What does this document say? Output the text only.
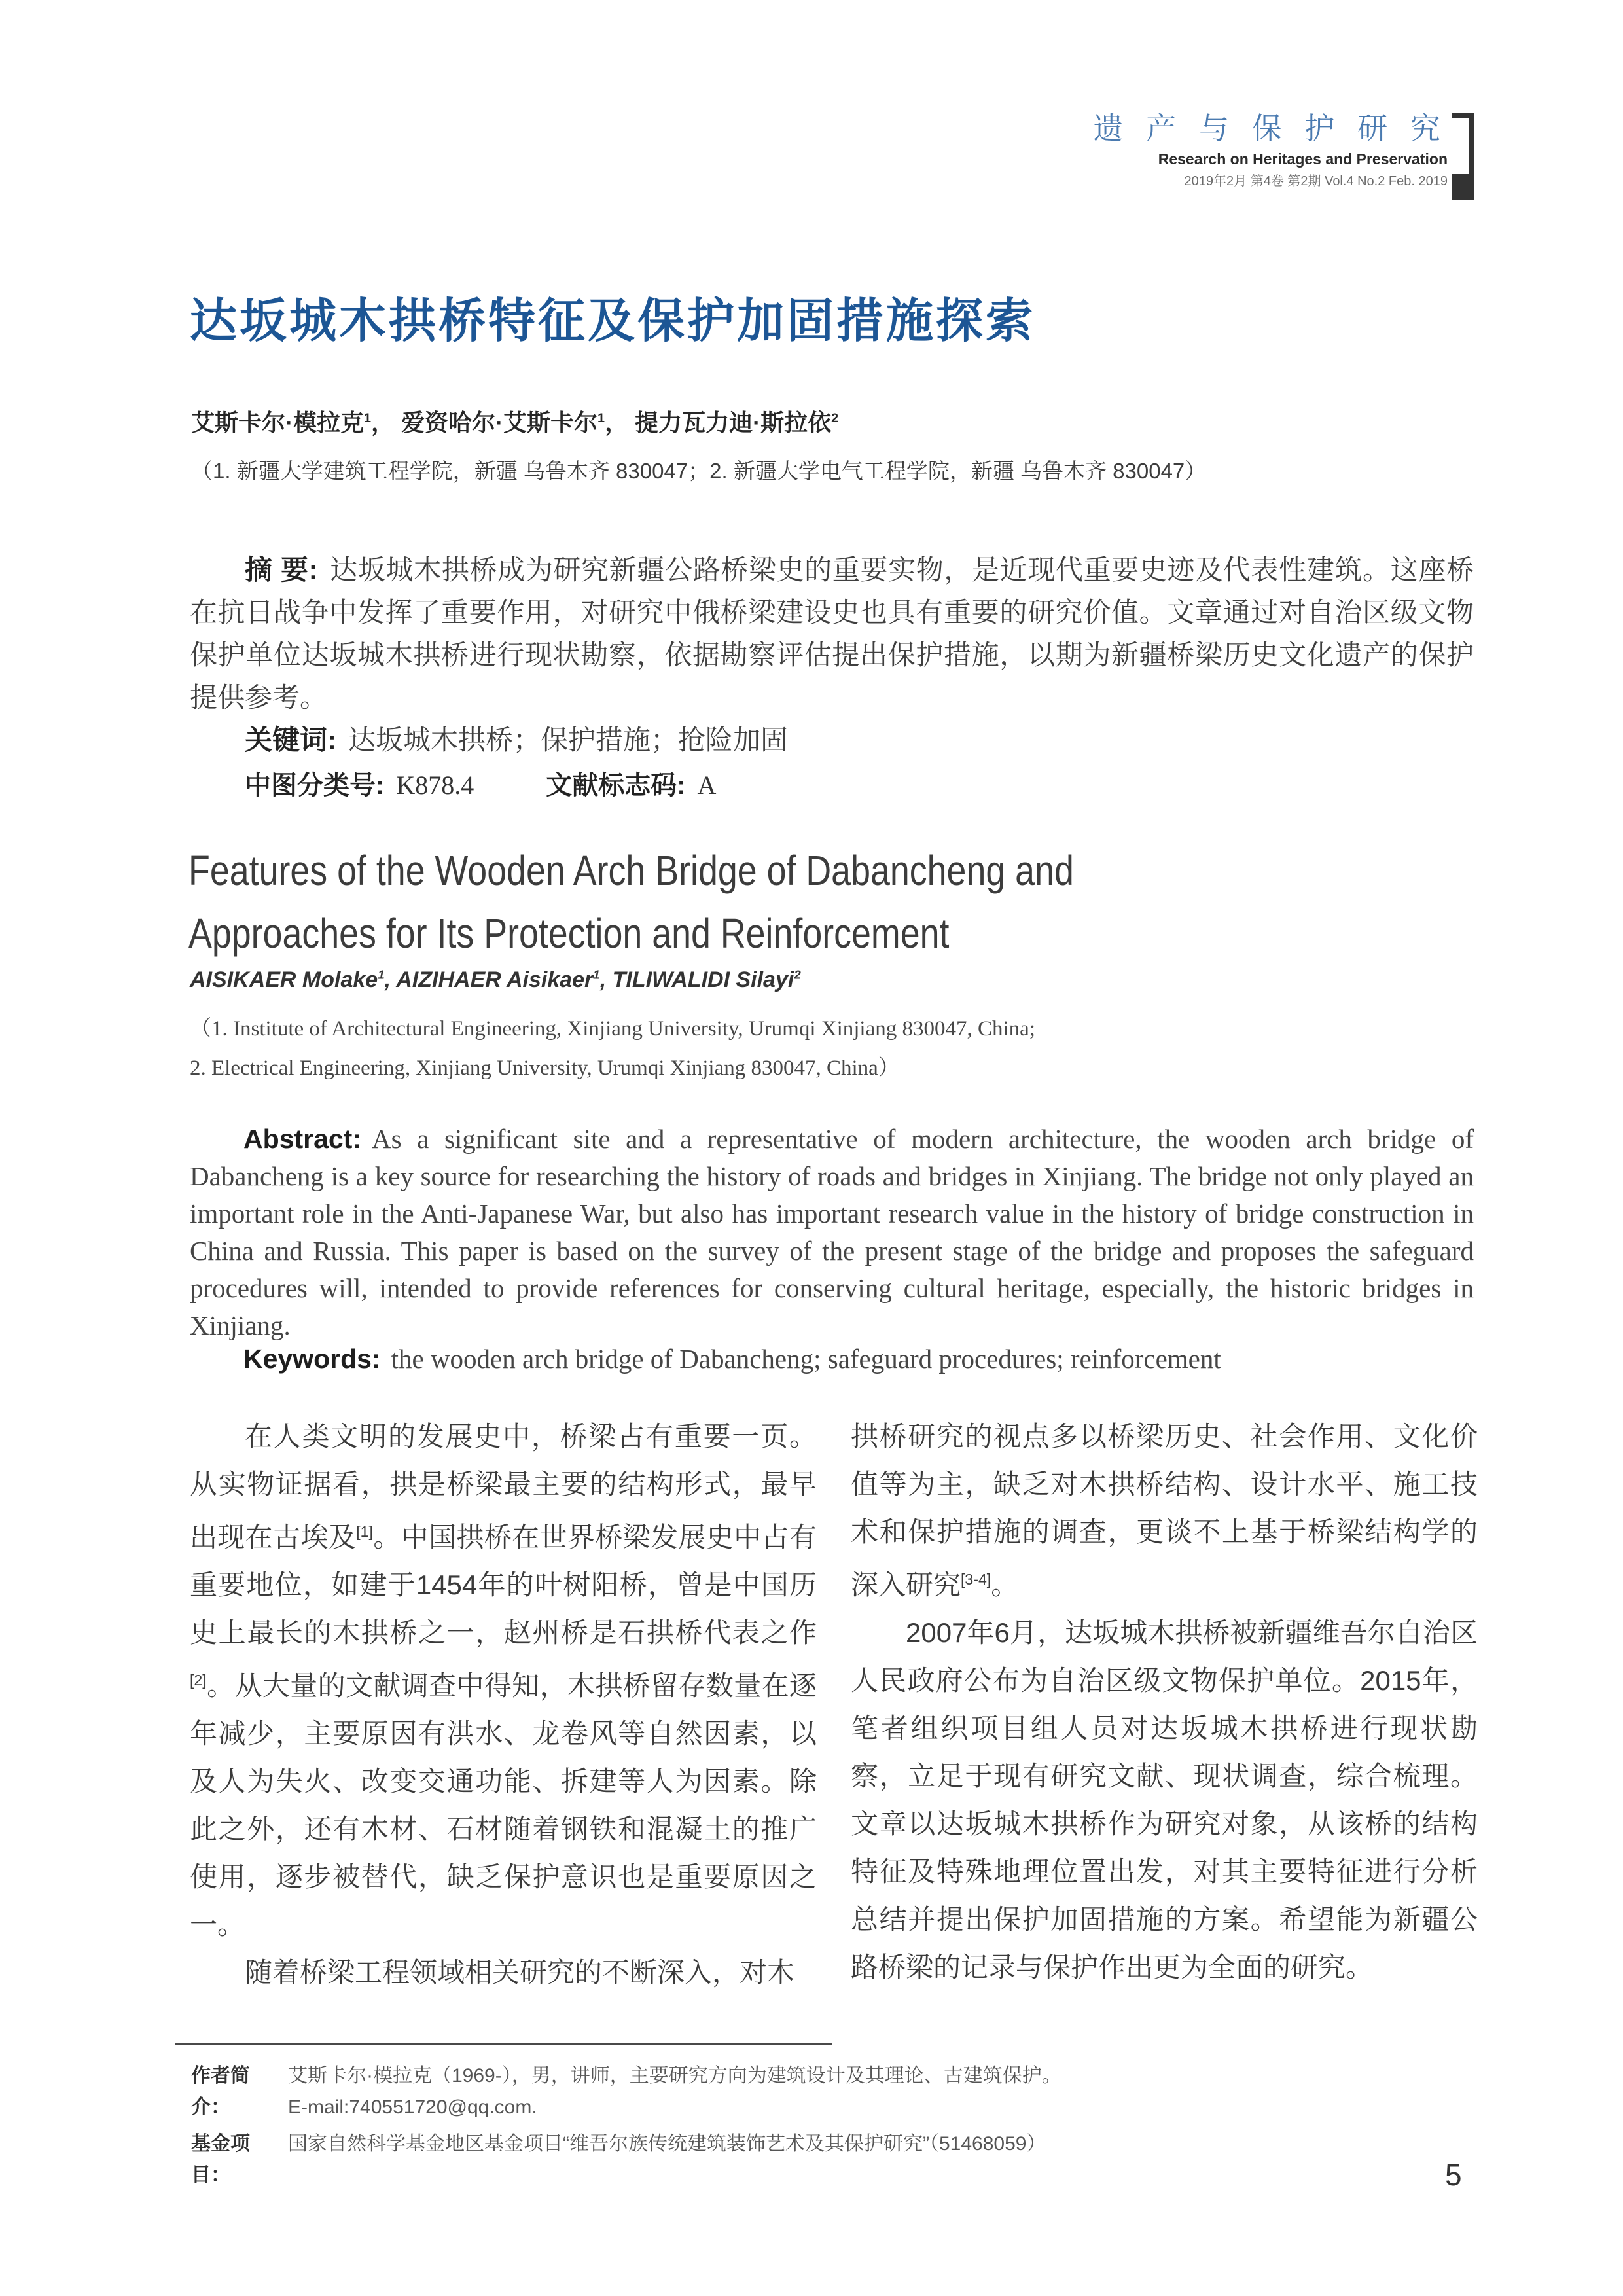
遗 产 与 保 护 研 究
Research on Heritages and Preservation
2019年2月 第4卷 第2期 Vol.4 No.2 Feb. 2019
达坂城木拱桥特征及保护加固措施探索
艾斯卡尔·模拉克$^1$， 爱资哈尔·艾斯卡尔$^1$， 提力瓦力迪·斯拉依$^2$
（1. 新疆大学建筑工程学院，新疆 乌鲁木齐 830047；2. 新疆大学电气工程学院，新疆 乌鲁木齐 830047）

摘 要: 达坂城木拱桥成为研究新疆公路桥梁史的重要实物，是近现代重要史迹及代表性建筑。这座桥在抗日战争中发挥了重要作用，对研究中俄桥梁建设史也具有重要的研究价值。文章通过对自治区级文物保护单位达坂城木拱桥进行现状勘察，依据勘察评估提出保护措施，以期为新疆桥梁历史文化遗产的保护提供参考。

关键词: 达坂城木拱桥；保护措施；抢险加固
中图分类号: K878.4	文献标志码: A
Features of the Wooden Arch Bridge of Dabancheng and
Approaches for Its Protection and Reinforcement
AISIKAER Molake$^1$, AIZIHAER Aisikaer$^1$, TILIWALIDI Silayi$^2$
（1. Institute of Architectural Engineering, Xinjiang University, Urumqi Xinjiang 830047, China;
2. Electrical Engineering, Xinjiang University, Urumqi Xinjiang 830047, China）

Abstract: As a significant site and a representative of modern architecture, the wooden arch bridge of Dabancheng is a key source for researching the history of roads and bridges in Xinjiang. The bridge not only played an important role in the Anti-Japanese War, but also has important research value in the history of bridge construction in China and Russia. This paper is based on the survey of the present stage of the bridge and proposes the safeguard procedures will, intended to provide references for conserving cultural heritage, especially, the historic bridges in Xinjiang.

Keywords: the wooden arch bridge of Dabancheng; safeguard procedures; reinforcement

在人类文明的发展史中，桥梁占有重要一页。从实物证据看，拱是桥梁最主要的结构形式，最早出现在古埃及[1]。中国拱桥在世界桥梁发展史中占有重要地位，如建于1454年的叶树阳桥，曾是中国历史上最长的木拱桥之一，赵州桥是石拱桥代表之作[2]。从大量的文献调查中得知，木拱桥留存数量在逐年减少，主要原因有洪水、龙卷风等自然因素，以及人为失火、改变交通功能、拆建等人为因素。除此之外，还有木材、石材随着钢铁和混凝土的推广使用，逐步被替代，缺乏保护意识也是重要原因之一。

随着桥梁工程领域相关研究的不断深入，对木

拱桥研究的视点多以桥梁历史、社会作用、文化价值等为主，缺乏对木拱桥结构、设计水平、施工技术和保护措施的调查，更谈不上基于桥梁结构学的深入研究[3-4]。

2007年6月，达坂城木拱桥被新疆维吾尔自治区人民政府公布为自治区级文物保护单位。2015年，笔者组织项目组人员对达坂城木拱桥进行现状勘察，立足于现有研究文献、现状调查，综合梳理。文章以达坂城木拱桥作为研究对象，从该桥的结构特征及特殊地理位置出发，对其主要特征进行分析总结并提出保护加固措施的方案。希望能为新疆公路桥梁的记录与保护作出更为全面的研究。

作者简介：
艾斯卡尔·模拉克（1969-），男，讲师，主要研究方向为建筑设计及其理论、古建筑保护。
E-mail:740551720@qq.com.
基金项目：
国家自然科学基金地区基金项目“维吾尔族传统建筑装饰艺术及其保护研究”（51468059）
5
